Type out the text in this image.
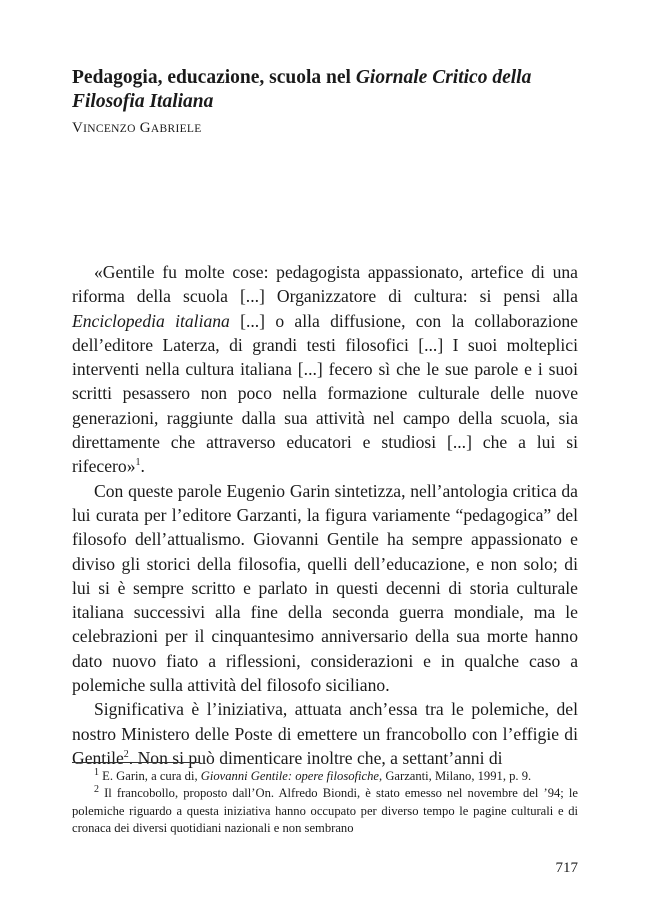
Pedagogia, educazione, scuola nel Giornale Critico della Filosofia Italiana
VINCENZO GABRIELE

«Gentile fu molte cose: pedagogista appassionato, artefice di una riforma della scuola [...] Organizzatore di cultura: si pensi alla Enciclopedia italiana [...] o alla diffusione, con la collaborazione dell’editore Laterza, di grandi testi filosofici [...] I suoi molteplici interventi nella cultura italiana [...] fecero sì che le sue parole e i suoi scritti pesassero non poco nella formazione culturale delle nuove generazioni, raggiunte dalla sua attività nel campo della scuola, sia direttamente che attraverso educatori e studiosi [...] che a lui si rifecero»$^1$.

Con queste parole Eugenio Garin sintetizza, nell’antologia critica da lui curata per l’editore Garzanti, la figura variamente “pedagogica” del filosofo dell’attualismo. Giovanni Gentile ha sempre appassionato e diviso gli storici della filosofia, quelli dell’educazione, e non solo; di lui si è sempre scritto e parlato in questi decenni di storia culturale italiana successivi alla fine della seconda guerra mondiale, ma le celebrazioni per il cinquantesimo anniversario della sua morte hanno dato nuovo fiato a riflessioni, considerazioni e in qualche caso a polemiche sulla attività del filosofo siciliano.

Significativa è l’iniziativa, attuata anch’essa tra le polemiche, del nostro Ministero delle Poste di emettere un francobollo con l’effigie di Gentile$^2$. Non si può dimenticare inoltre che, a settant’anni di

$^1$ E. Garin, a cura di, Giovanni Gentile: opere filosofiche, Garzanti, Milano, 1991, p. 9.

$^2$ Il francobollo, proposto dall’On. Alfredo Biondi, è stato emesso nel novembre del ’94; le polemiche riguardo a questa iniziativa hanno occupato per diverso tempo le pagine culturali e di cronaca dei diversi quotidiani nazionali e non sembrano

717
